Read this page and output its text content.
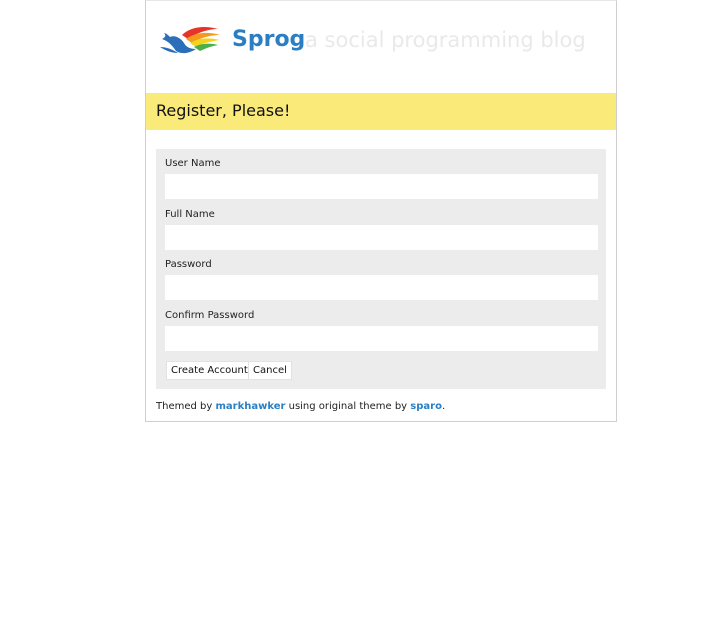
Sprog a social programming blog
Register, Please!
User Name
Full Name
Password
Confirm Password
Create Account Cancel
Themed by markhawker using original theme by sparo.
